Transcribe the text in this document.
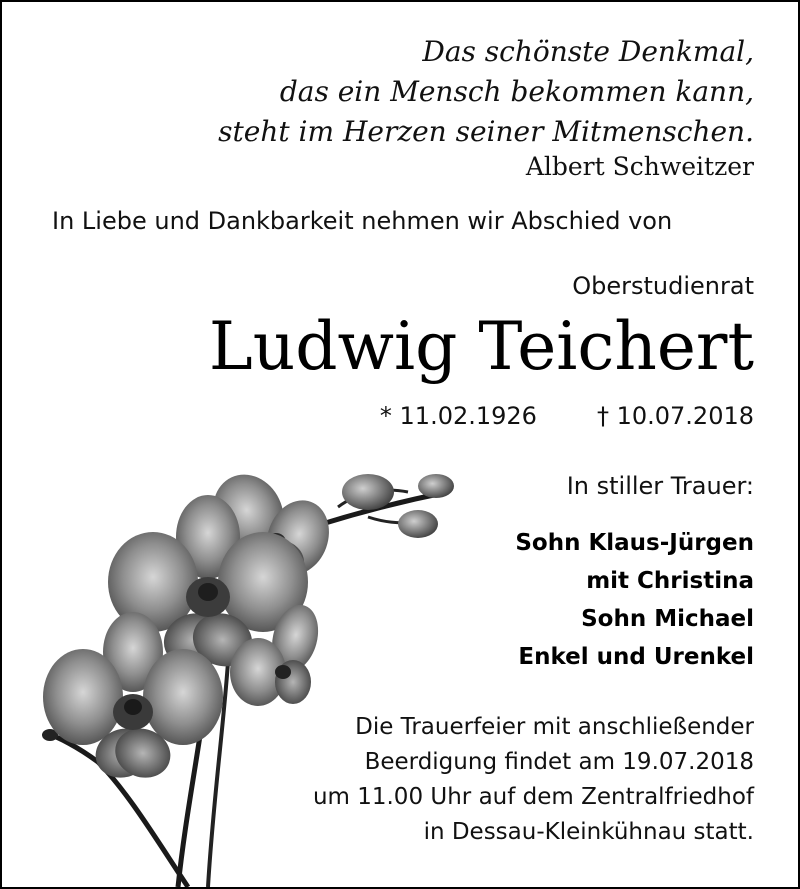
Das schönste Denkmal,
das ein Mensch bekommen kann,
steht im Herzen seiner Mitmenschen.
Albert Schweitzer
In Liebe und Dankbarkeit nehmen wir Abschied von
Oberstudienrat
Ludwig Teichert
* 11.02.1926	† 10.07.2018
In stiller Trauer:
Sohn Klaus-Jürgen
mit Christina
Sohn Michael
Enkel und Urenkel
Die Trauerfeier mit anschließender
Beerdigung findet am 19.07.2018
um 11.00 Uhr auf dem Zentralfriedhof
in Dessau-Kleinkühnau statt.
